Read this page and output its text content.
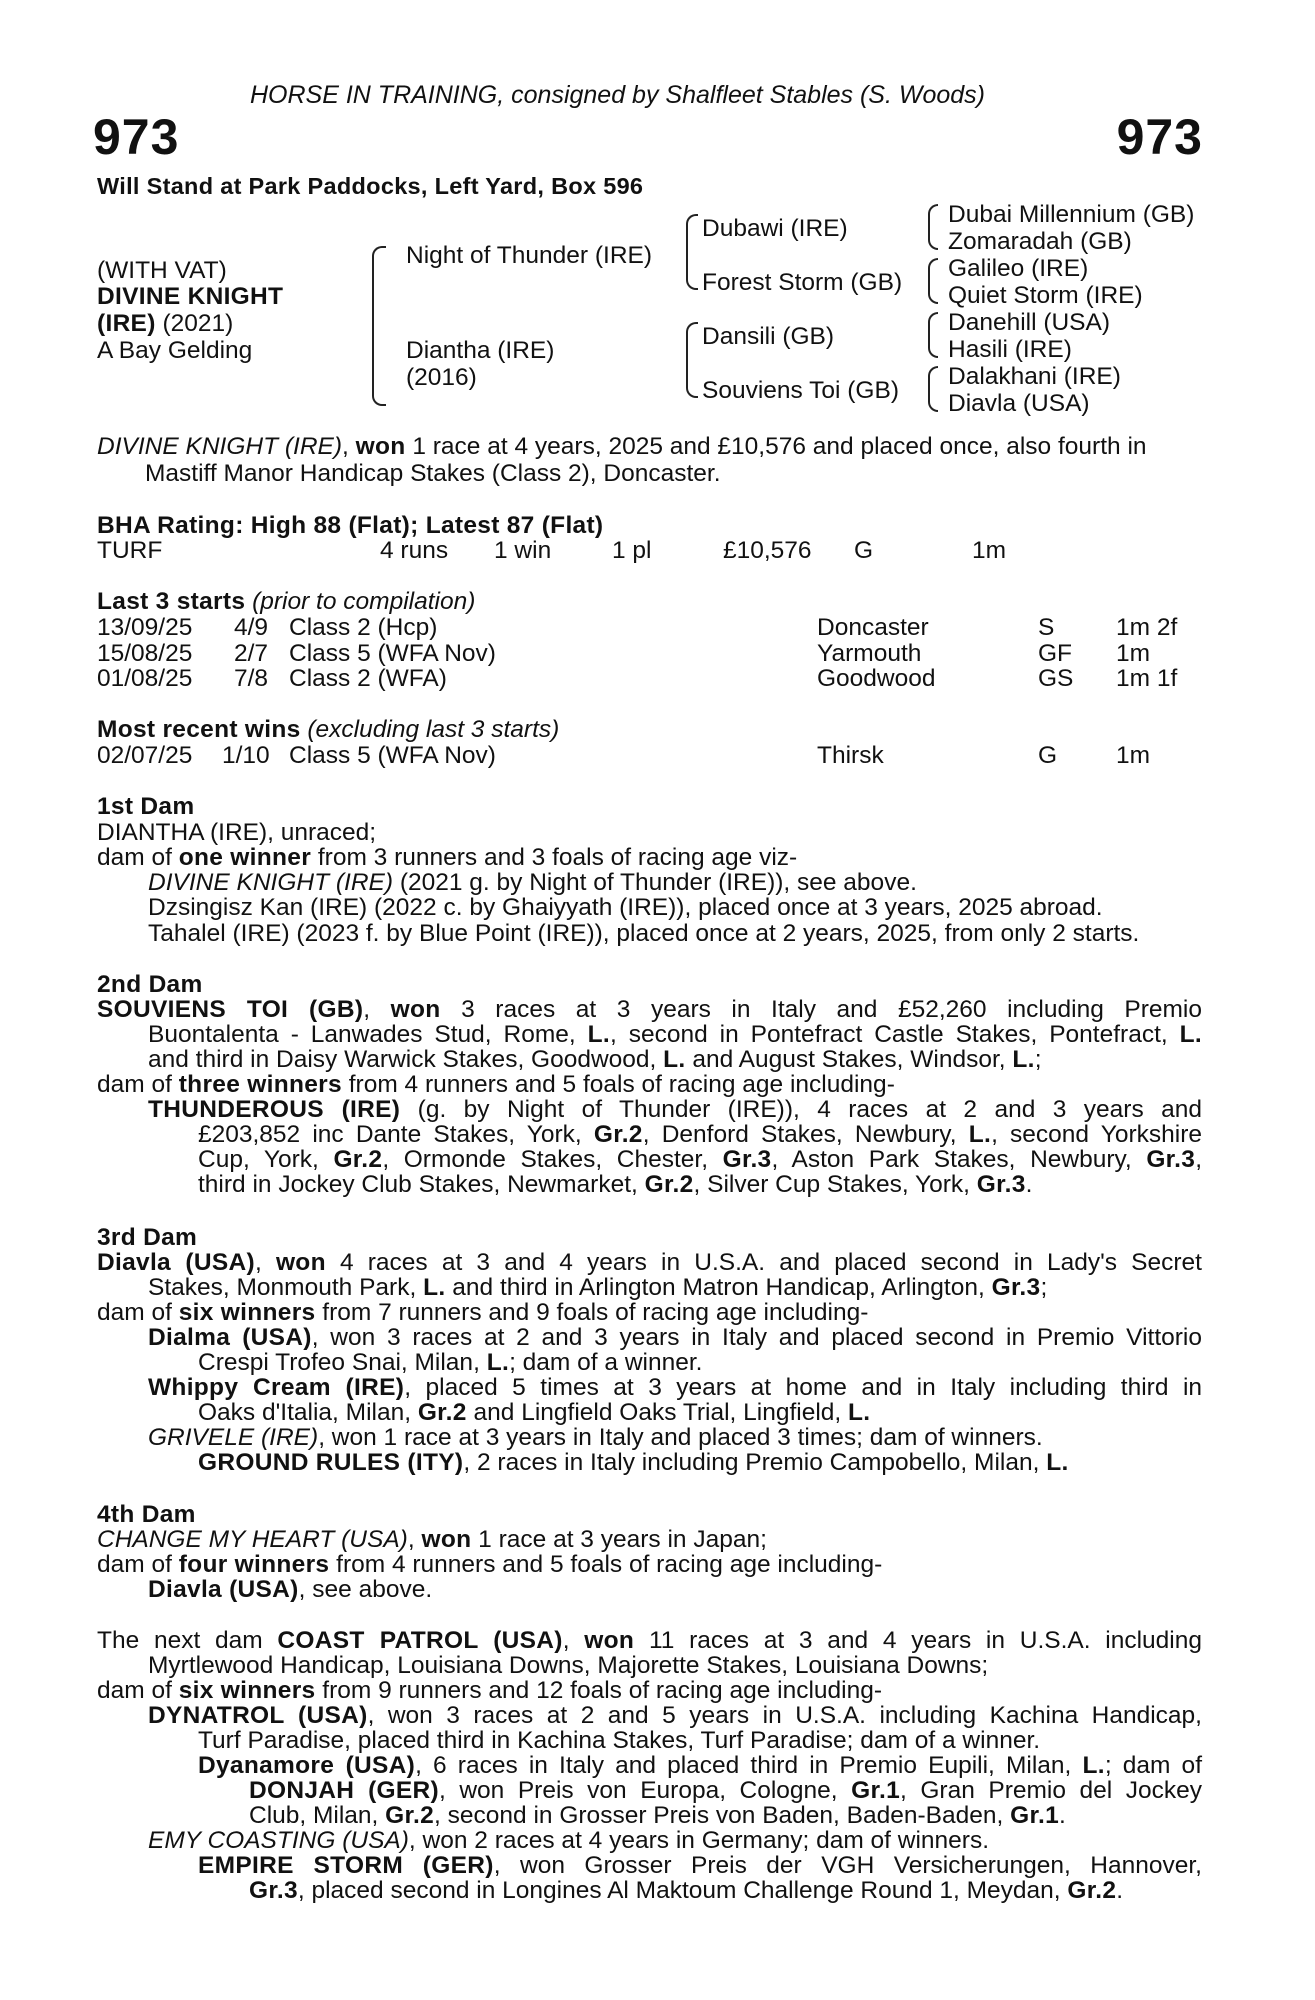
HORSE IN TRAINING, consigned by Shalfleet Stables (S. Woods)
973	973
Will Stand at Park Paddocks, Left Yard, Box 596
(WITH VAT)
DIVINE KNIGHT
(IRE) (2021)
A Bay Gelding
Night of Thunder (IRE)
Diantha (IRE)
(2016)
Dubawi (IRE)
Forest Storm (GB)
Dansili (GB)
Souviens Toi (GB)
Dubai Millennium (GB)
Zomaradah (GB)
Galileo (IRE)
Quiet Storm (IRE)
Danehill (USA)
Hasili (IRE)
Dalakhani (IRE)
Diavla (USA)
DIVINE KNIGHT (IRE), won 1 race at 4 years, 2025 and £10,576 and placed once, also fourth in
Mastiff Manor Handicap Stakes (Class 2), Doncaster.
BHA Rating: High 88 (Flat); Latest 87 (Flat)
TURF	4 runs 1 win 1 pl	£10,576 G	1m
Last 3 starts (prior to compilation)
13/09/25 4/9 Class 2 (Hcp)	Doncaster	S	1m 2f
15/08/25 2/7 Class 5 (WFA Nov)	Yarmouth	GF 1m
01/08/25 7/8 Class 2 (WFA)	Goodwood	GS 1m 1f
Most recent wins (excluding last 3 starts)
02/07/25 1/10 Class 5 (WFA Nov)	Thirsk	G 1m
1st Dam
DIANTHA (IRE), unraced;
dam of one winner from 3 runners and 3 foals of racing age viz-
DIVINE KNIGHT (IRE) (2021 g. by Night of Thunder (IRE)), see above.
Dzsingisz Kan (IRE) (2022 c. by Ghaiyyath (IRE)), placed once at 3 years, 2025 abroad.
Tahalel (IRE) (2023 f. by Blue Point (IRE)), placed once at 2 years, 2025, from only 2 starts.
2nd Dam
SOUVIENS TOI (GB), won 3 races at 3 years in Italy and £52,260 including Premio
Buontalenta - Lanwades Stud, Rome, L., second in Pontefract Castle Stakes, Pontefract, L.
and third in Daisy Warwick Stakes, Goodwood, L. and August Stakes, Windsor, L.;
dam of three winners from 4 runners and 5 foals of racing age including-
THUNDEROUS (IRE) (g. by Night of Thunder (IRE)), 4 races at 2 and 3 years and
£203,852 inc Dante Stakes, York, Gr.2, Denford Stakes, Newbury, L., second Yorkshire
Cup, York, Gr.2, Ormonde Stakes, Chester, Gr.3, Aston Park Stakes, Newbury, Gr.3,
third in Jockey Club Stakes, Newmarket, Gr.2, Silver Cup Stakes, York, Gr.3.
3rd Dam
Diavla (USA), won 4 races at 3 and 4 years in U.S.A. and placed second in Lady's Secret
Stakes, Monmouth Park, L. and third in Arlington Matron Handicap, Arlington, Gr.3;
dam of six winners from 7 runners and 9 foals of racing age including-
Dialma (USA), won 3 races at 2 and 3 years in Italy and placed second in Premio Vittorio
Crespi Trofeo Snai, Milan, L.; dam of a winner.
Whippy Cream (IRE), placed 5 times at 3 years at home and in Italy including third in
Oaks d'Italia, Milan, Gr.2 and Lingfield Oaks Trial, Lingfield, L.
GRIVELE (IRE), won 1 race at 3 years in Italy and placed 3 times; dam of winners.
GROUND RULES (ITY), 2 races in Italy including Premio Campobello, Milan, L.
4th Dam
CHANGE MY HEART (USA), won 1 race at 3 years in Japan;
dam of four winners from 4 runners and 5 foals of racing age including-
Diavla (USA), see above.
The next dam COAST PATROL (USA), won 11 races at 3 and 4 years in U.S.A. including
Myrtlewood Handicap, Louisiana Downs, Majorette Stakes, Louisiana Downs;
dam of six winners from 9 runners and 12 foals of racing age including-
DYNATROL (USA), won 3 races at 2 and 5 years in U.S.A. including Kachina Handicap,
Turf Paradise, placed third in Kachina Stakes, Turf Paradise; dam of a winner.
Dyanamore (USA), 6 races in Italy and placed third in Premio Eupili, Milan, L.; dam of
DONJAH (GER), won Preis von Europa, Cologne, Gr.1, Gran Premio del Jockey
Club, Milan, Gr.2, second in Grosser Preis von Baden, Baden-Baden, Gr.1.
EMY COASTING (USA), won 2 races at 4 years in Germany; dam of winners.
EMPIRE STORM (GER), won Grosser Preis der VGH Versicherungen, Hannover,
Gr.3, placed second in Longines Al Maktoum Challenge Round 1, Meydan, Gr.2.
